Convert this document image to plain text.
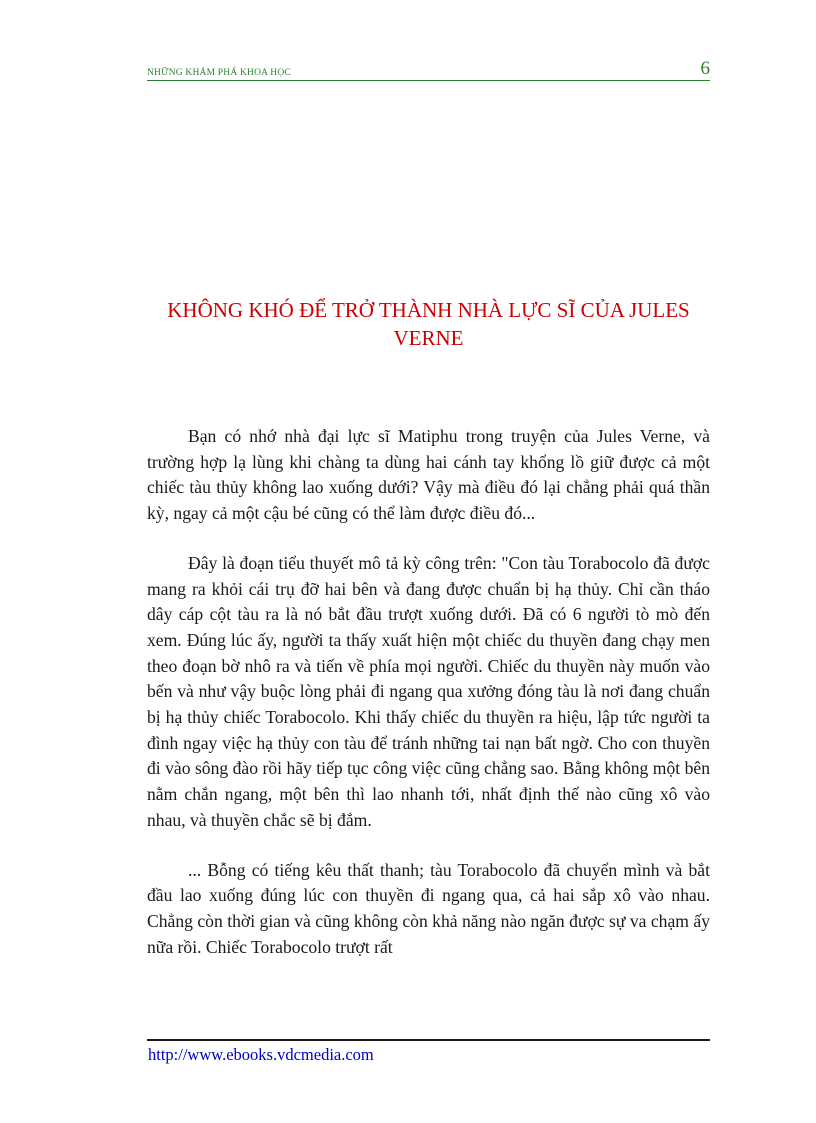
NHỮNG KHÁM PHÁ KHOA HỌC	6
KHÔNG KHÓ ĐỂ TRỞ THÀNH NHÀ LỰC SĨ CỦA JULES VERNE

Bạn có nhớ nhà đại lực sĩ Matiphu trong truyện của Jules Verne, và trường hợp lạ lùng khi chàng ta dùng hai cánh tay khổng lồ giữ được cả một chiếc tàu thủy không lao xuống dưới? Vậy mà điều đó lại chẳng phải quá thần kỳ, ngay cả một cậu bé cũng có thể làm được điều đó...

Đây là đoạn tiểu thuyết mô tả kỳ công trên: "Con tàu Torabocolo đã được mang ra khỏi cái trụ đỡ hai bên và đang được chuẩn bị hạ thủy. Chỉ cần tháo dây cáp cột tàu ra là nó bắt đầu trượt xuống dưới. Đã có 6 người tò mò đến xem. Đúng lúc ấy, người ta thấy xuất hiện một chiếc du thuyền đang chạy men theo đoạn bờ nhô ra và tiến về phía mọi người. Chiếc du thuyền này muốn vào bến và như vậy buộc lòng phải đi ngang qua xưởng đóng tàu là nơi đang chuẩn bị hạ thủy chiếc Torabocolo. Khi thấy chiếc du thuyền ra hiệu, lập tức người ta đình ngay việc hạ thủy con tàu để tránh những tai nạn bất ngờ. Cho con thuyền đi vào sông đào rồi hãy tiếp tục công việc cũng chẳng sao. Bằng không một bên nằm chắn ngang, một bên thì lao nhanh tới, nhất định thế nào cũng xô vào nhau, và thuyền chắc sẽ bị đắm.

... Bỗng có tiếng kêu thất thanh; tàu Torabocolo đã chuyển mình và bắt đầu lao xuống đúng lúc con thuyền đi ngang qua, cả hai sắp xô vào nhau. Chẳng còn thời gian và cũng không còn khả năng nào ngăn được sự va chạm ấy nữa rồi. Chiếc Torabocolo trượt rất

http://www.ebooks.vdcmedia.com
